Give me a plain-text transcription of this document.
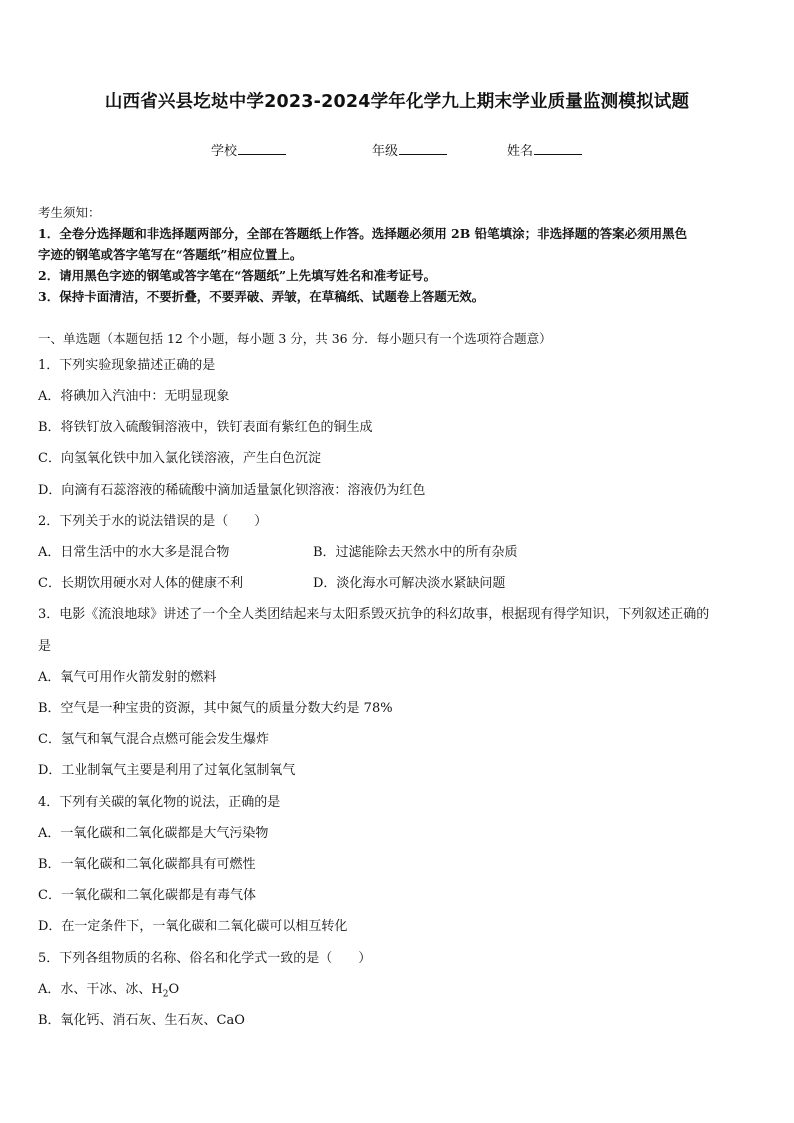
山西省兴县圪垯中学2023-2024学年化学九上期末学业质量监测模拟试题
学校	年级	姓名
考生须知：
1．全卷分选择题和非选择题两部分，全部在答题纸上作答。选择题必须用 2B 铅笔填涂；非选择题的答案必须用黑色
字迹的钢笔或答字笔写在“答题纸”相应位置上。
2．请用黑色字迹的钢笔或答字笔在“答题纸”上先填写姓名和准考证号。
3．保持卡面清洁，不要折叠，不要弄破、弄皱，在草稿纸、试题卷上答题无效。
一、单选题（本题包括 12 个小题，每小题 3 分，共 36 分．每小题只有一个选项符合题意）
1．下列实验现象描述正确的是
A．将碘加入汽油中：无明显现象
B．将铁钉放入硫酸铜溶液中，铁钉表面有紫红色的铜生成
C．向氢氧化铁中加入氯化镁溶液，产生白色沉淀
D．向滴有石蕊溶液的稀硫酸中滴加适量氯化钡溶液：溶液仍为红色
2．下列关于水的说法错误的是（　　）
A．日常生活中的水大多是混合物	B．过滤能除去天然水中的所有杂质
C．长期饮用硬水对人体的健康不利	D．淡化海水可解决淡水紧缺问题
3．电影《流浪地球》讲述了一个全人类团结起来与太阳系毁灭抗争的科幻故事，根据现有得学知识，下列叙述正确的
是
A．氧气可用作火箭发射的燃料
B．空气是一种宝贵的资源，其中氮气的质量分数大约是 78%
C．氢气和氧气混合点燃可能会发生爆炸
D．工业制氧气主要是利用了过氧化氢制氧气
4．下列有关碳的氧化物的说法，正确的是
A．一氧化碳和二氧化碳都是大气污染物
B．一氧化碳和二氧化碳都具有可燃性
C．一氧化碳和二氧化碳都是有毒气体
D．在一定条件下，一氧化碳和二氧化碳可以相互转化
5．下列各组物质的名称、俗名和化学式一致的是（　　）
A．水、干冰、冰、$H_2O$
B．氧化钙、消石灰、生石灰、CaO
